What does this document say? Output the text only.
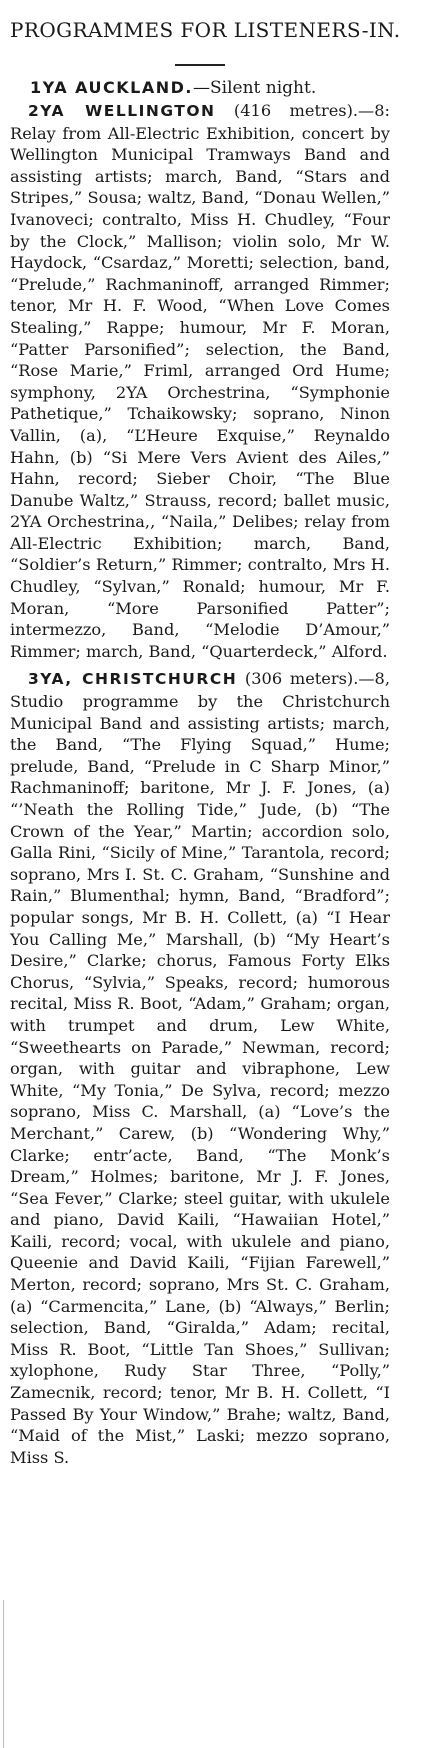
PROGRAMMES FOR LISTENERS-IN.

1YA AUCKLAND.—Silent night.

2YA WELLINGTON (416 metres).—8: Relay from All-Electric Exhibition, concert by Wellington Municipal Tramways Band and assisting artists; march, Band, “Stars and Stripes,” Sousa; waltz, Band, “Donau Wellen,” Ivanoveci; contralto, Miss H. Chudley, “Four by the Clock,” Mallison; violin solo, Mr W. Haydock, “Csardaz,” Moretti; selection, band, “Prelude,” Rachmaninoff, arranged Rimmer; tenor, Mr H. F. Wood, “When Love Comes Stealing,” Rappe; humour, Mr F. Moran, “Patter Parsonified”; selection, the Band, “Rose Marie,” Friml, arranged Ord Hume; symphony, 2YA Orchestrina, “Symphonie Pathetique,” Tchaikowsky; soprano, Ninon Vallin, (a), “L’Heure Exquise,” Reynaldo Hahn, (b) “Si Mere Vers Avient des Ailes,” Hahn, record; Sieber Choir, “The Blue Danube Waltz,” Strauss, record; ballet music, 2YA Orchestrina,, “Naila,” Delibes; relay from All-Electric Exhibition; march, Band, “Soldier’s Return,” Rimmer; contralto, Mrs H. Chudley, “Sylvan,” Ronald; humour, Mr F. Moran, “More Parsonified Patter”; intermezzo, Band, “Melodie D’Amour,” Rimmer; march, Band, “Quarterdeck,” Alford.

3YA, CHRISTCHURCH (306 meters).—8, Studio programme by the Christchurch Municipal Band and assisting artists; march, the Band, “The Flying Squad,” Hume; prelude, Band, “Prelude in C Sharp Minor,” Rachmaninoff; baritone, Mr J. F. Jones, (a) “’Neath the Rolling Tide,” Jude, (b) “The Crown of the Year,” Martin; accordion solo, Galla Rini, “Sicily of Mine,” Tarantola, record; soprano, Mrs I. St. C. Graham, “Sunshine and Rain,” Blumenthal; hymn, Band, “Bradford”; popular songs, Mr B. H. Collett, (a) “I Hear You Calling Me,” Marshall, (b) “My Heart’s Desire,” Clarke; chorus, Famous Forty Elks Chorus, “Sylvia,” Speaks, record; humorous recital, Miss R. Boot, “Adam,” Graham; organ, with trumpet and drum, Lew White, “Sweethearts on Parade,” Newman, record; organ, with guitar and vibraphone, Lew White, “My Tonia,” De Sylva, record; mezzo soprano, Miss C. Marshall, (a) “Love’s the Merchant,” Carew, (b) “Wondering Why,” Clarke; entr’acte, Band, “The Monk’s Dream,” Holmes; baritone, Mr J. F. Jones, “Sea Fever,” Clarke; steel guitar, with ukulele and piano, David Kaili, “Hawaiian Hotel,” Kaili, record; vocal, with ukulele and piano, Queenie and David Kaili, “Fijian Farewell,” Merton, record; soprano, Mrs St. C. Graham, (a) “Carmencita,” Lane, (b) “Always,” Berlin; selection, Band, “Giralda,” Adam; recital, Miss R. Boot, “Little Tan Shoes,” Sullivan; xylophone, Rudy Star Three, “Polly,” Zamecnik, record; tenor, Mr B. H. Collett, “I Passed By Your Window,” Brahe; waltz, Band, “Maid of the Mist,” Laski; mezzo soprano, Miss S.
